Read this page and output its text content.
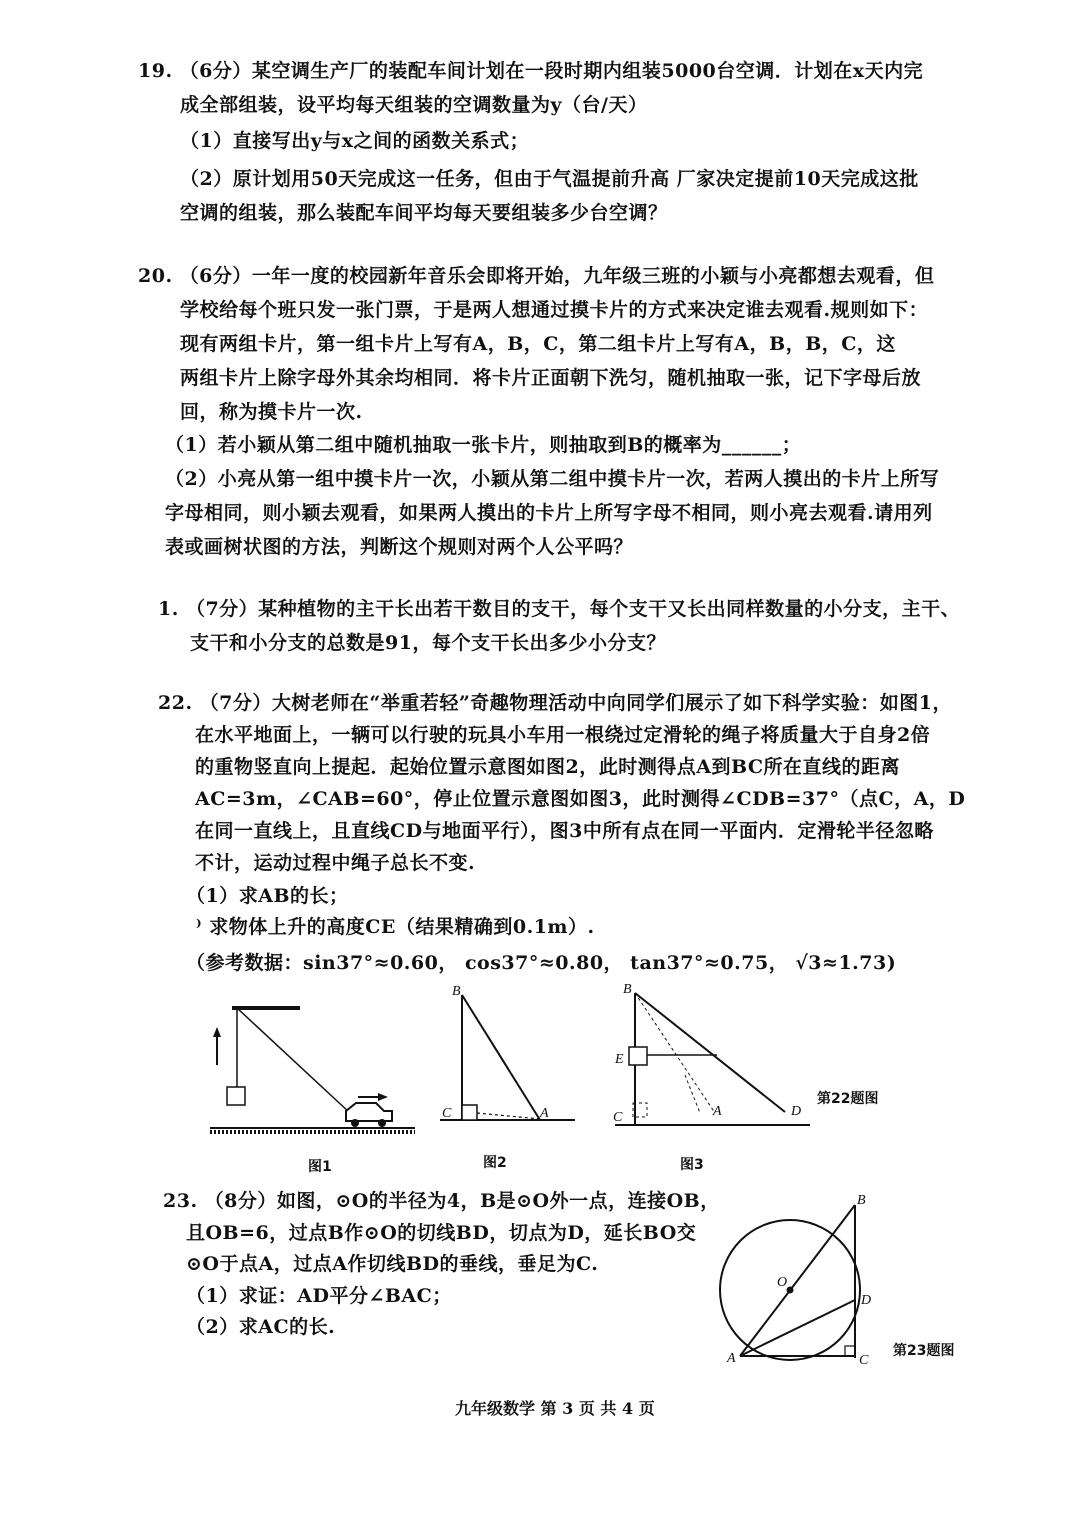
19. （6分）某空调生产厂的装配车间计划在一段时期内组装5000台空调．计划在x天内完
成全部组装，设平均每天组装的空调数量为y（台/天）
（1）直接写出y与x之间的函数关系式；
（2）原计划用50天完成这一任务，但由于气温提前升高 厂家决定提前10天完成这批
空调的组装，那么装配车间平均每天要组装多少台空调？
20. （6分）一年一度的校园新年音乐会即将开始，九年级三班的小颖与小亮都想去观看，但
学校给每个班只发一张门票，于是两人想通过摸卡片的方式来决定谁去观看.规则如下：
现有两组卡片，第一组卡片上写有A，B，C，第二组卡片上写有A，B，B，C，这
两组卡片上除字母外其余均相同．将卡片正面朝下洗匀，随机抽取一张，记下字母后放
回，称为摸卡片一次.
（1）若小颖从第二组中随机抽取一张卡片，则抽取到B的概率为______；
（2）小亮从第一组中摸卡片一次，小颖从第二组中摸卡片一次，若两人摸出的卡片上所写
字母相同，则小颖去观看，如果两人摸出的卡片上所写字母不相同，则小亮去观看.请用列
表或画树状图的方法，判断这个规则对两个人公平吗？
1. （7分）某种植物的主干长出若干数目的支干，每个支干又长出同样数量的小分支，主干、
支干和小分支的总数是91，每个支干长出多少小分支？
22. （7分）大树老师在“举重若轻”奇趣物理活动中向同学们展示了如下科学实验：如图1，
在水平地面上，一辆可以行驶的玩具小车用一根绕过定滑轮的绳子将质量大于自身2倍
的重物竖直向上提起．起始位置示意图如图2，此时测得点A到BC所在直线的距离
AC=3m，∠CAB=60°，停止位置示意图如图3，此时测得∠CDB=37°（点C，A，D
在同一直线上，且直线CD与地面平行），图3中所有点在同一平面内．定滑轮半径忽略
不计，运动过程中绳子总长不变.
（1）求AB的长；
⁾ 求物体上升的高度CE（结果精确到0.1m）.
（参考数据：sin37°≈0.60， cos37°≈0.80， tan37°≈0.75， √3≈1.73)
B
C	A
B
E
C	A	D
第22题图
图1	图2	图3
23. （8分）如图，⊙O的半径为4，B是⊙O外一点，连接OB，
且OB=6，过点B作⊙O的切线BD，切点为D，延长BO交
⊙O于点A，过点A作切线BD的垂线，垂足为C.
（1）求证：AD平分∠BAC；
（2）求AC的长.
B
O
D
A	C
第23题图
九年级数学 第 3 页 共 4 页
